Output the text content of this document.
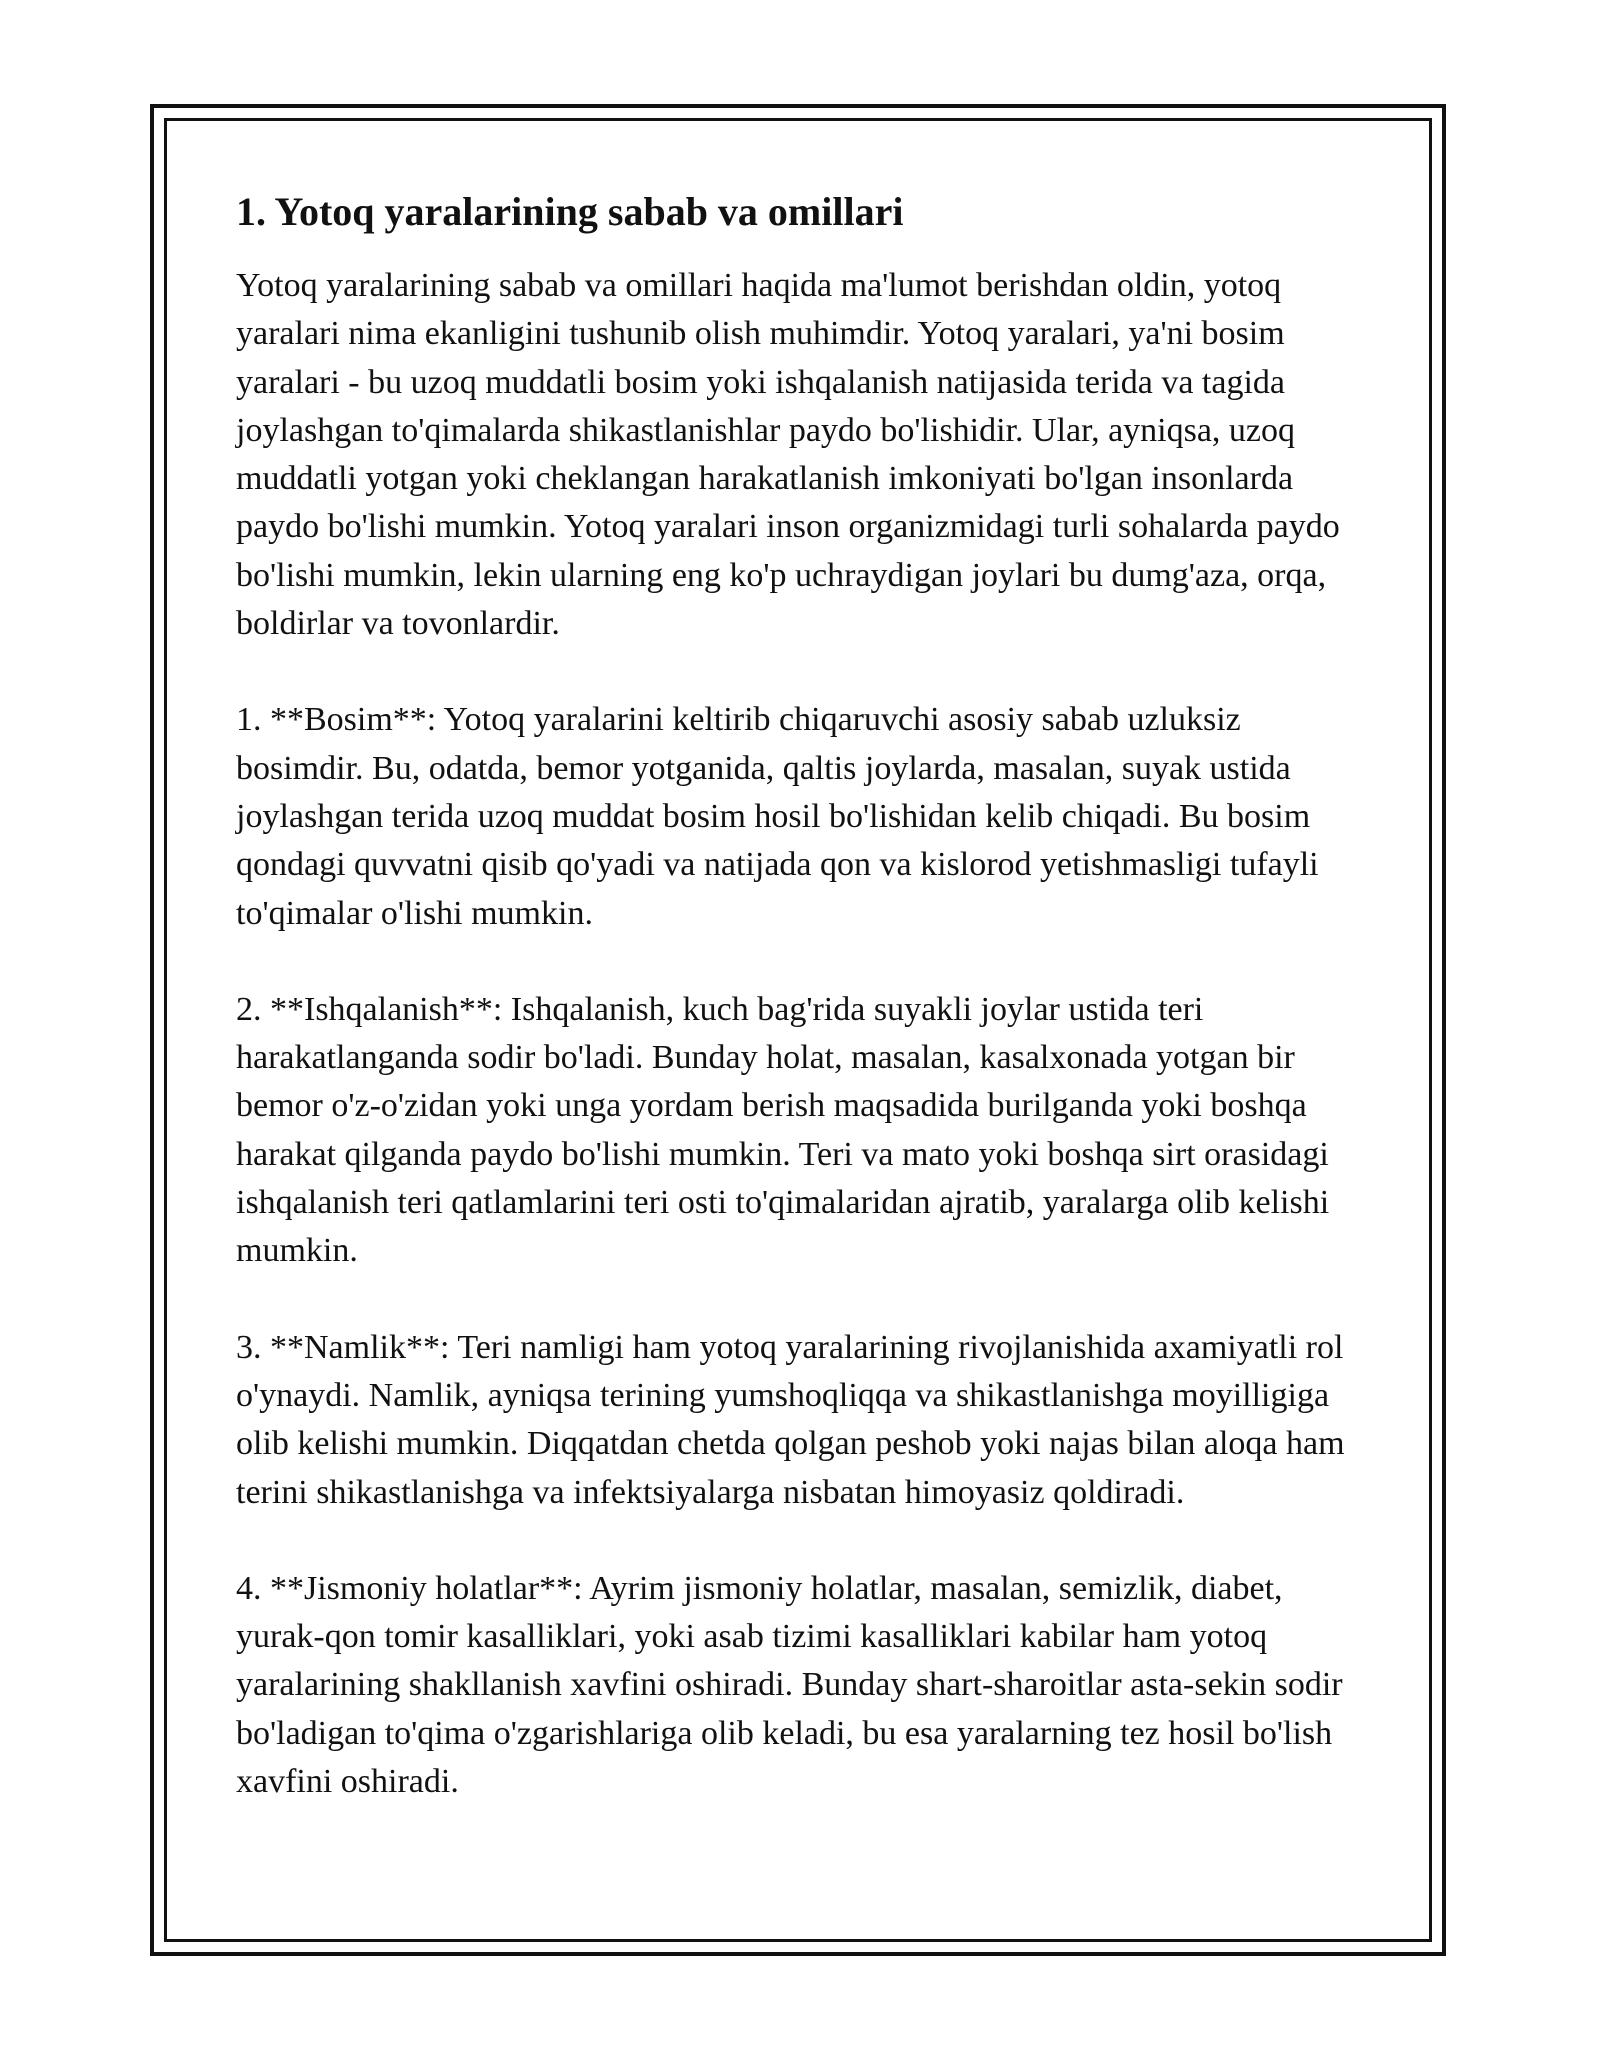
1. Yotoq yaralarining sabab va omillari

Yotoq yaralarining sabab va omillari haqida ma'lumot berishdan oldin, yotoq yaralari nima ekanligini tushunib olish muhimdir. Yotoq yaralari, ya'ni bosim yaralari - bu uzoq muddatli bosim yoki ishqalanish natijasida terida va tagida joylashgan to'qimalarda shikastlanishlar paydo bo'lishidir. Ular, ayniqsa, uzoq muddatli yotgan yoki cheklangan harakatlanish imkoniyati bo'lgan insonlarda paydo bo'lishi mumkin. Yotoq yaralari inson organizmidagi turli sohalarda paydo bo'lishi mumkin, lekin ularning eng ko'p uchraydigan joylari bu dumg'aza, orqa, boldirlar va tovonlardir.

1. **Bosim**: Yotoq yaralarini keltirib chiqaruvchi asosiy sabab uzluksiz bosimdir. Bu, odatda, bemor yotganida, qaltis joylarda, masalan, suyak ustida joylashgan terida uzoq muddat bosim hosil bo'lishidan kelib chiqadi. Bu bosim qondagi quvvatni qisib qo'yadi va natijada qon va kislorod yetishmasligi tufayli to'qimalar o'lishi mumkin.

2. **Ishqalanish**: Ishqalanish, kuch bag'rida suyakli joylar ustida teri harakatlanganda sodir bo'ladi. Bunday holat, masalan, kasalxonada yotgan bir bemor o'z-o'zidan yoki unga yordam berish maqsadida burilganda yoki boshqa harakat qilganda paydo bo'lishi mumkin. Teri va mato yoki boshqa sirt orasidagi ishqalanish teri qatlamlarini teri osti to'qimalaridan ajratib, yaralarga olib kelishi mumkin.

3. **Namlik**: Teri namligi ham yotoq yaralarining rivojlanishida axamiyatli rol o'ynaydi. Namlik, ayniqsa terining yumshoqliqqa va shikastlanishga moyilligiga olib kelishi mumkin. Diqqatdan chetda qolgan peshob yoki najas bilan aloqa ham terini shikastlanishga va infektsiyalarga nisbatan himoyasiz qoldiradi.

4. **Jismoniy holatlar**: Ayrim jismoniy holatlar, masalan, semizlik, diabet, yurak-qon tomir kasalliklari, yoki asab tizimi kasalliklari kabilar ham yotoq yaralarining shakllanish xavfini oshiradi. Bunday shart-sharoitlar asta-sekin sodir bo'ladigan to'qima o'zgarishlariga olib keladi, bu esa yaralarning tez hosil bo'lish xavfini oshiradi.
